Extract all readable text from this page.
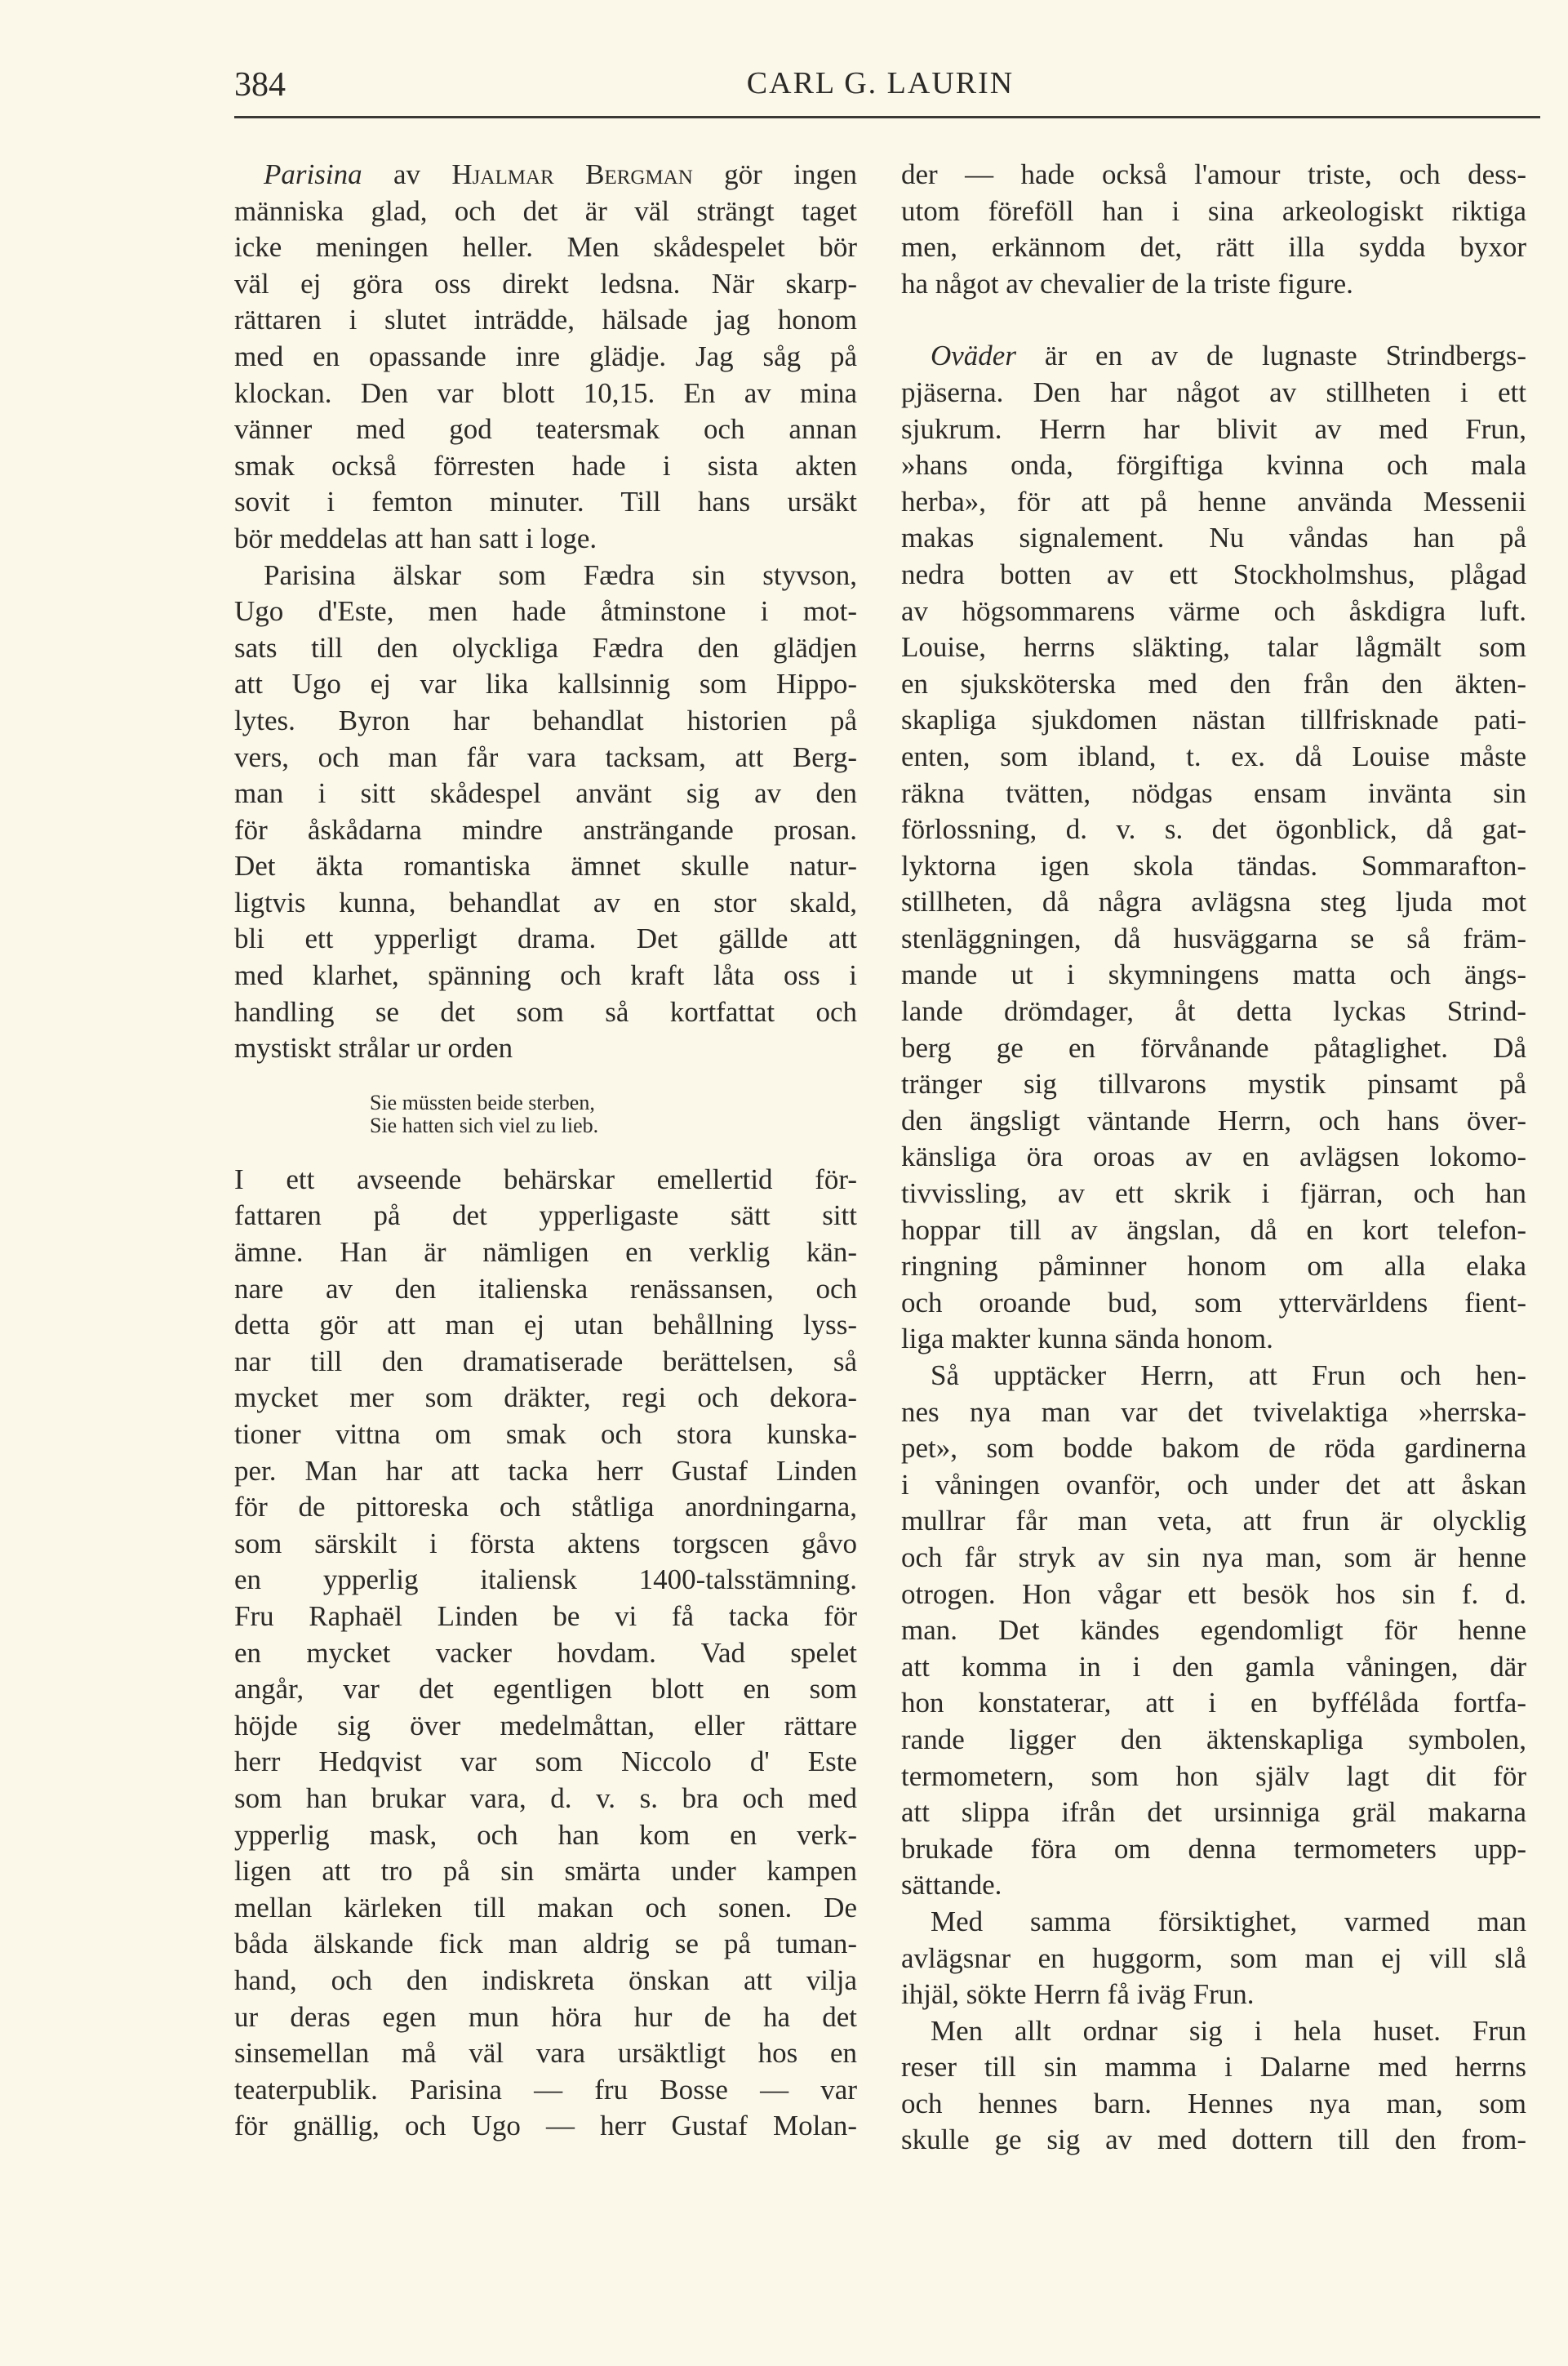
384	CARL G. LAURIN
Parisina av Hjalmar Bergman gör ingen
människa glad, och det är väl strängt taget
icke meningen heller. Men skådespelet bör
väl ej göra oss direkt ledsna. När skarp-
rättaren i slutet inträdde, hälsade jag honom
med en opassande inre glädje. Jag såg på
klockan. Den var blott 10,15. En av mina
vänner med god teatersmak och annan
smak också förresten hade i sista akten
sovit i femton minuter. Till hans ursäkt
bör meddelas att han satt i loge.
Parisina älskar som Fædra sin styvson,
Ugo d'Este, men hade åtminstone i mot-
sats till den olyckliga Fædra den glädjen
att Ugo ej var lika kallsinnig som Hippo-
lytes. Byron har behandlat historien på
vers, och man får vara tacksam, att Berg-
man i sitt skådespel använt sig av den
för åskådarna mindre ansträngande prosan.
Det äkta romantiska ämnet skulle natur-
ligtvis kunna, behandlat av en stor skald,
bli ett ypperligt drama. Det gällde att
med klarhet, spänning och kraft låta oss i
handling se det som så kortfattat och
mystiskt strålar ur orden
Sie müssten beide sterben,
Sie hatten sich viel zu lieb.
I ett avseende behärskar emellertid för-
fattaren på det ypperligaste sätt sitt
ämne. Han är nämligen en verklig kän-
nare av den italienska renässansen, och
detta gör att man ej utan behållning lyss-
nar till den dramatiserade berättelsen, så
mycket mer som dräkter, regi och dekora-
tioner vittna om smak och stora kunska-
per. Man har att tacka herr Gustaf Linden
för de pittoreska och ståtliga anordningarna,
som särskilt i första aktens torgscen gåvo
en ypperlig italiensk 1400-talsstämning.
Fru Raphaël Linden be vi få tacka för
en mycket vacker hovdam. Vad spelet
angår, var det egentligen blott en som
höjde sig över medelmåttan, eller rättare
herr Hedqvist var som Niccolo d' Este
som han brukar vara, d. v. s. bra och med
ypperlig mask, och han kom en verk-
ligen att tro på sin smärta under kampen
mellan kärleken till makan och sonen. De
båda älskande fick man aldrig se på tuman-
hand, och den indiskreta önskan att vilja
ur deras egen mun höra hur de ha det
sinsemellan må väl vara ursäktligt hos en
teaterpublik. Parisina — fru Bosse — var
för gnällig, och Ugo — herr Gustaf Molan-
der — hade också l'amour triste, och dess-
utom föreföll han i sina arkeologiskt riktiga
men, erkännom det, rätt illa sydda byxor
ha något av chevalier de la triste figure.
Oväder är en av de lugnaste Strindbergs-
pjäserna. Den har något av stillheten i ett
sjukrum. Herrn har blivit av med Frun,
»hans onda, förgiftiga kvinna och mala
herba», för att på henne använda Messenii
makas signalement. Nu våndas han på
nedra botten av ett Stockholmshus, plågad
av högsommarens värme och åskdigra luft.
Louise, herrns släkting, talar lågmält som
en sjuksköterska med den från den äkten-
skapliga sjukdomen nästan tillfrisknade pati-
enten, som ibland, t. ex. då Louise måste
räkna tvätten, nödgas ensam invänta sin
förlossning, d. v. s. det ögonblick, då gat-
lyktorna igen skola tändas. Sommarafton-
stillheten, då några avlägsna steg ljuda mot
stenläggningen, då husväggarna se så främ-
mande ut i skymningens matta och ängs-
lande drömdager, åt detta lyckas Strind-
berg ge en förvånande påtaglighet. Då
tränger sig tillvarons mystik pinsamt på
den ängsligt väntande Herrn, och hans över-
känsliga öra oroas av en avlägsen lokomo-
tivvissling, av ett skrik i fjärran, och han
hoppar till av ängslan, då en kort telefon-
ringning påminner honom om alla elaka
och oroande bud, som yttervärldens fient-
liga makter kunna sända honom.
Så upptäcker Herrn, att Frun och hen-
nes nya man var det tvivelaktiga »herrska-
pet», som bodde bakom de röda gardinerna
i våningen ovanför, och under det att åskan
mullrar får man veta, att frun är olycklig
och får stryk av sin nya man, som är henne
otrogen. Hon vågar ett besök hos sin f. d.
man. Det kändes egendomligt för henne
att komma in i den gamla våningen, där
hon konstaterar, att i en byffélåda fortfa-
rande ligger den äktenskapliga symbolen,
termometern, som hon själv lagt dit för
att slippa ifrån det ursinniga gräl makarna
brukade föra om denna termometers upp-
sättande.
Med samma försiktighet, varmed man
avlägsnar en huggorm, som man ej vill slå
ihjäl, sökte Herrn få iväg Frun.
Men allt ordnar sig i hela huset. Frun
reser till sin mamma i Dalarne med herrns
och hennes barn. Hennes nya man, som
skulle ge sig av med dottern till den from-
